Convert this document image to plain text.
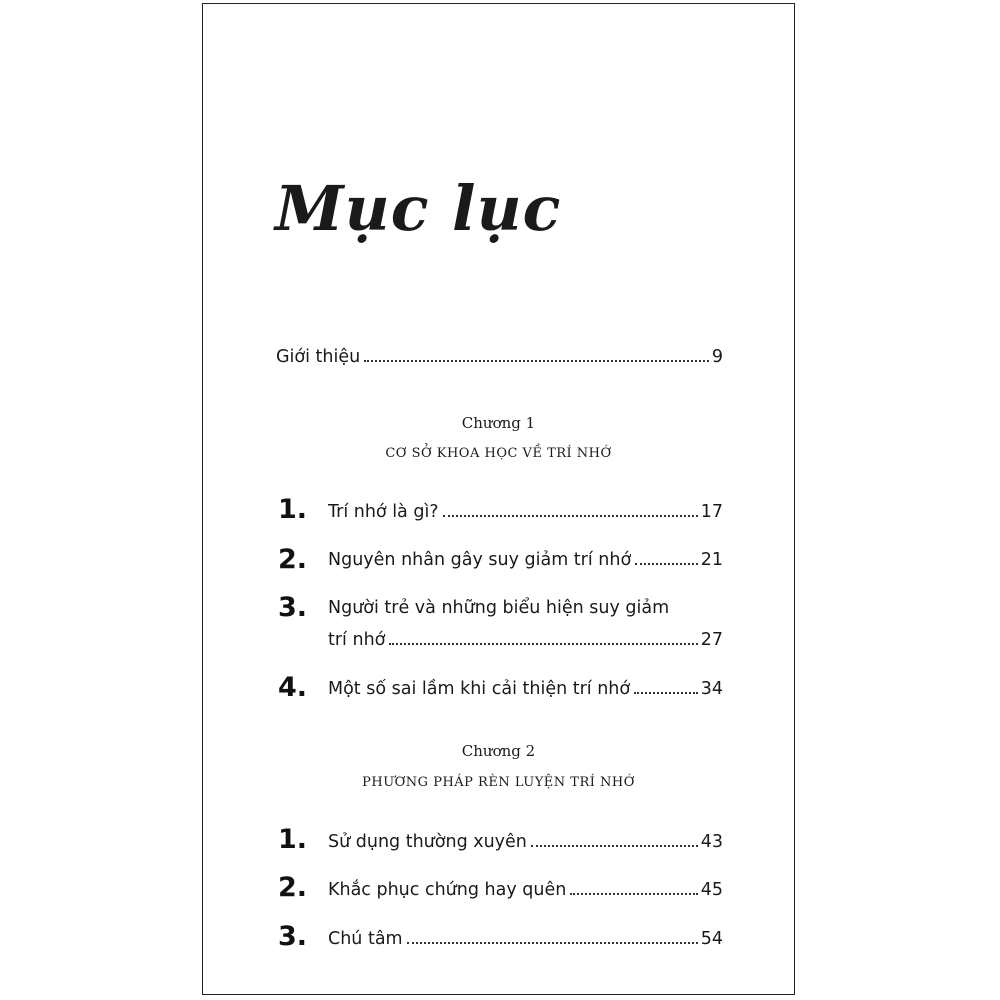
Mục lục
Giới thiệu	9
Chương 1
CƠ SỞ KHOA HỌC VỀ TRÍ NHỚ
1. Trí nhớ là gì?	17
2. Nguyên nhân gây suy giảm trí nhớ	21
3. Người trẻ và những biểu hiện suy giảm
trí nhớ	27
4. Một số sai lầm khi cải thiện trí nhớ	34
Chương 2
PHƯƠNG PHÁP RÈN LUYỆN TRÍ NHỚ
1. Sử dụng thường xuyên	43
2. Khắc phục chứng hay quên	45
3. Chú tâm	54
